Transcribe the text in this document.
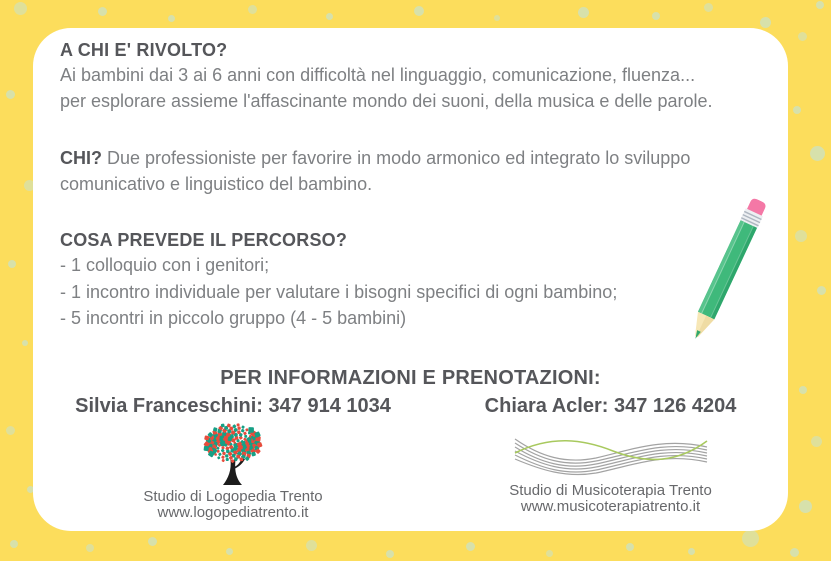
A CHI E' RIVOLTO?
Ai bambini dai 3 ai 6 anni con difficoltà nel linguaggio, comunicazione, fluenza...
per esplorare assieme l'affascinante mondo dei suoni, della musica e delle parole.

CHI? Due professioniste per favorire in modo armonico ed integrato lo sviluppo comunicativo e linguistico del bambino.

COSA PREVEDE IL PERCORSO?
- 1 colloquio con i genitori;
- 1 incontro individuale per valutare i bisogni specifici di ogni bambino;
- 5 incontri in piccolo gruppo (4 - 5 bambini)
PER INFORMAZIONI E PRENOTAZIONI:
Silvia Franceschini: 347 914 1034	Chiara Acler: 347 126 4204
Studio di Logopedia Trento
www.logopediatrento.it
Studio di Musicoterapia Trento
www.musicoterapiatrento.it
